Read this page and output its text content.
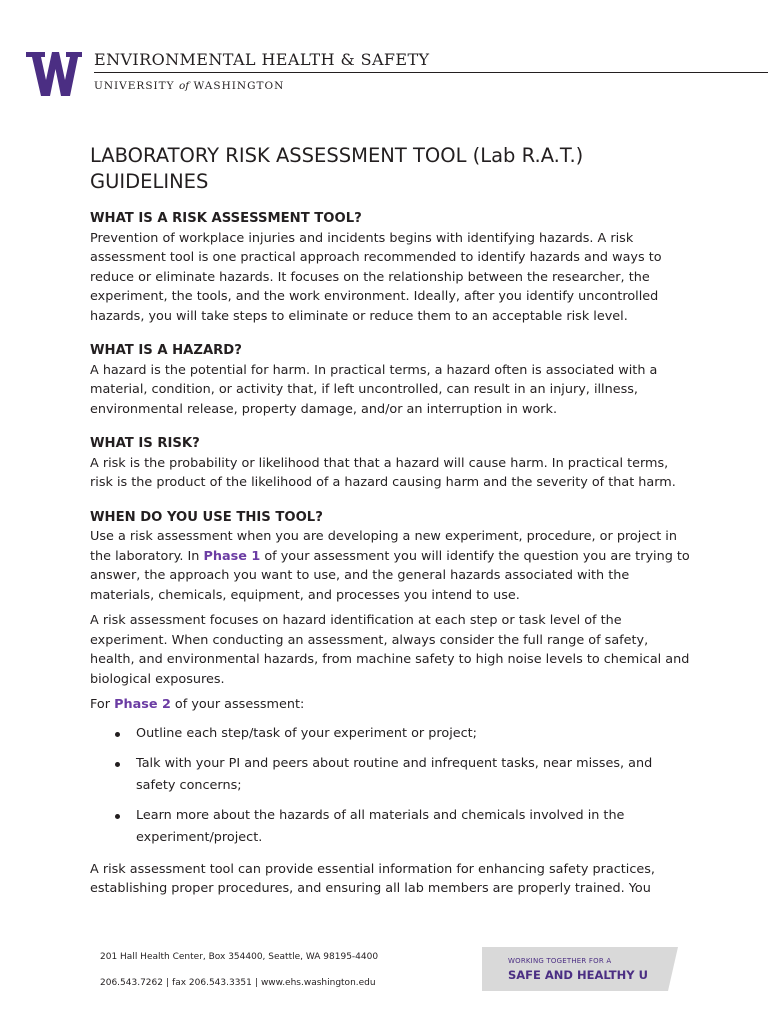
ENVIRONMENTAL HEALTH & SAFETY
UNIVERSITY of WASHINGTON
LABORATORY RISK ASSESSMENT TOOL (Lab R.A.T.) GUIDELINES
WHAT IS A RISK ASSESSMENT TOOL?

Prevention of workplace injuries and incidents begins with identifying hazards. A risk assessment tool is one practical approach recommended to identify hazards and ways to reduce or eliminate hazards. It focuses on the relationship between the researcher, the experiment, the tools, and the work environment. Ideally, after you identify uncontrolled hazards, you will take steps to eliminate or reduce them to an acceptable risk level.

WHAT IS A HAZARD?

A hazard is the potential for harm. In practical terms, a hazard often is associated with a material, condition, or activity that, if left uncontrolled, can result in an injury, illness, environmental release, property damage, and/or an interruption in work.

WHAT IS RISK?

A risk is the probability or likelihood that that a hazard will cause harm. In practical terms, risk is the product of the likelihood of a hazard causing harm and the severity of that harm.

WHEN DO YOU USE THIS TOOL?

Use a risk assessment when you are developing a new experiment, procedure, or project in the laboratory. In Phase 1 of your assessment you will identify the question you are trying to answer, the approach you want to use, and the general hazards associated with the materials, chemicals, equipment, and processes you intend to use.

A risk assessment focuses on hazard identification at each step or task level of the experiment. When conducting an assessment, always consider the full range of safety, health, and environmental hazards, from machine safety to high noise levels to chemical and biological exposures.

For Phase 2 of your assessment:

Outline each step/task of your experiment or project;
Talk with your PI and peers about routine and infrequent tasks, near misses, and safety concerns;
Learn more about the hazards of all materials and chemicals involved in the experiment/project.

A risk assessment tool can provide essential information for enhancing safety practices, establishing proper procedures, and ensuring all lab members are properly trained. You

201 Hall Health Center, Box 354400, Seattle, WA 98195-4400
206.543.7262 | fax 206.543.3351 | www.ehs.washington.edu
WORKING TOGETHER FOR A
SAFE AND HEALTHY U
